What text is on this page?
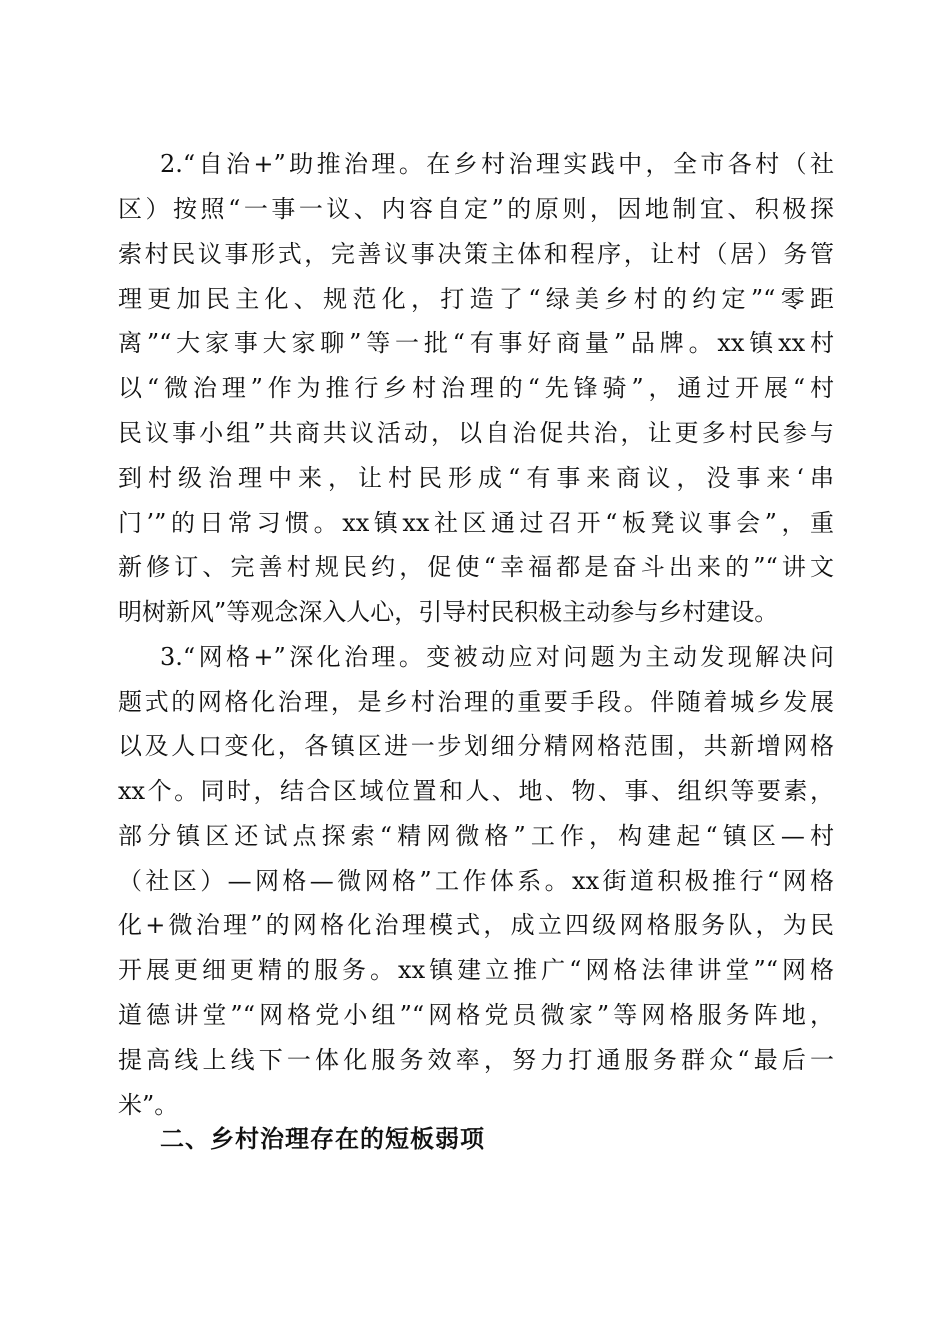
2.“自治+”助推治理。在乡村治理实践中，全市各村（社
区）按照“一事一议、内容自定”的原则，因地制宜、积极探
索村民议事形式，完善议事决策主体和程序，让村（居）务管
理更加民主化、规范化，打造了“绿美乡村的约定”“零距
离”“大家事大家聊”等一批“有事好商量”品牌。xx镇xx村
以“微治理”作为推行乡村治理的“先锋骑”，通过开展“村
民议事小组”共商共议活动，以自治促共治，让更多村民参与
到村级治理中来，让村民形成“有事来商议，没事来‘串
门’”的日常习惯。xx镇xx社区通过召开“板凳议事会”，重
新修订、完善村规民约，促使“幸福都是奋斗出来的”“讲文
明树新风”等观念深入人心，引导村民积极主动参与乡村建设。
3.“网格+”深化治理。变被动应对问题为主动发现解决问
题式的网格化治理，是乡村治理的重要手段。伴随着城乡发展
以及人口变化，各镇区进一步划细分精网格范围，共新增网格
xx个。同时，结合区域位置和人、地、物、事、组织等要素，
部分镇区还试点探索“精网微格”工作，构建起“镇区—村
（社区）—网格—微网格”工作体系。xx街道积极推行“网格
化+微治理”的网格化治理模式，成立四级网格服务队，为民
开展更细更精的服务。xx镇建立推广“网格法律讲堂”“网格
道德讲堂”“网格党小组”“网格党员微家”等网格服务阵地，
提高线上线下一体化服务效率，努力打通服务群众“最后一
米”。
二、乡村治理存在的短板弱项
